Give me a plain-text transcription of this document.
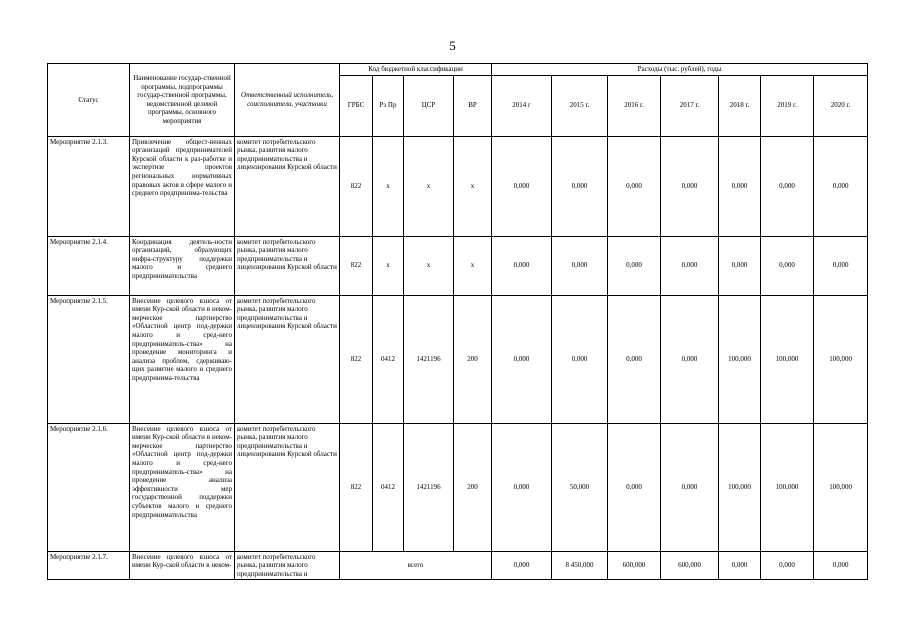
5
Статус	Наименование государ-ственной программы, подпрограммы государ-ственной программы, ведомственной целевой программы, основного мероприятия	Ответственный исполнитель, соисполнители, участники	Код бюджетной классификации				Расходы (тыс. рублей), годы						
			ГРБС	Рз Пр	ЦСР	ВР	2014 г	2015 г.	2016 г.	2017 г.	2018 г.	2019 г.	2020 г.
Мероприятие 2.1.3.	Привлечение общест-венных организаций предпринимателей Курской области к раз-работке и экспертизе проектов региональных нормативных правовых актов в сфере малого и среднего предпринима-тельства	комитет потребительского рынка, развития малого предпринимательства и лицензирования Курской области	822	х	х	х	0,000	0,000	0,000	0,000	0,000	0,000	0,000
Мероприятие 2.1.4.	Координация деятель-ности организаций, образующих инфра-структуру поддержки малого и среднего предпринимательства	комитет потребительского рынка, развития малого предпринимательства и лицензирования Курской области	822	х	х	х	0,000	0,000	0,000	0,000	0,000	0,000	0,000
Мероприятие 2.1.5.	Внесение целевого взноса от имени Кур-ской области в неком-мерческое партнерство «Областной центр под-держки малого и сред-него предприниматель-ства» на проведение мониторинга и анализа проблем, сдерживаю-щих развитие малого и среднего предпринима-тельства	комитет потребительского рынка, развития малого предпринимательства и лицензирования Курской области	822	0412	1421196	200	0,000	0,000	0,000	0,000	100,000	100,000	100,000
Мероприятие 2.1.6.	Внесение целевого взноса от имени Кур-ской области в неком-мерческое партнерство «Областной центр под-держки малого и сред-него предприниматель-ства» на проведение анализа эффективности мер государственной поддержки субъектов малого и среднего предпринимательства	комитет потребительского рынка, развития малого предпринимательства и лицензирования Курской области	822	0412	1421196	200	0,000	50,000	0,000	0,000	100,000	100,000	100,000
Мероприятие 2.1.7.	Внесение целевого взноса от имени Кур-ской области в неком-	комитет потребительского рынка, развития малого предпринимательства и	всего				0,000	8 450,000	600,000	600,000	0,000	0,000	0,000
